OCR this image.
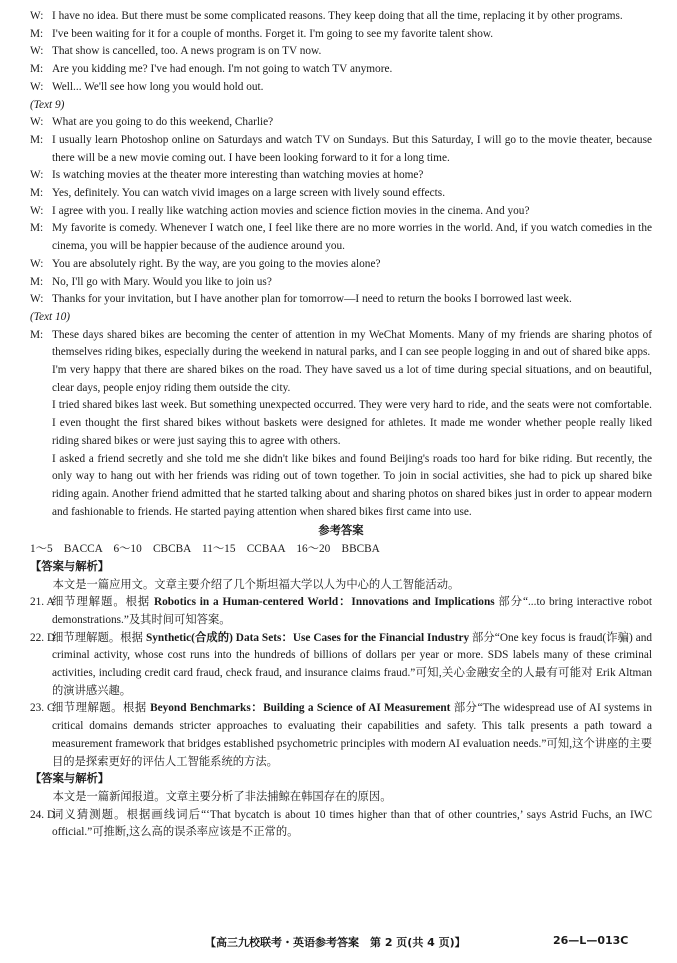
W: I have no idea. But there must be some complicated reasons. They keep doing that all the time, replacing it by other programs.
M: I've been waiting for it for a couple of months. Forget it. I'm going to see my favorite talent show.
W: That show is cancelled, too. A news program is on TV now.
M: Are you kidding me? I've had enough. I'm not going to watch TV anymore.
W: Well... We'll see how long you would hold out.
(Text 9)
W: What are you going to do this weekend, Charlie?
M: I usually learn Photoshop online on Saturdays and watch TV on Sundays. But this Saturday, I will go to the movie theater, because there will be a new movie coming out. I have been looking forward to it for a long time.
W: Is watching movies at the theater more interesting than watching movies at home?
M: Yes, definitely. You can watch vivid images on a large screen with lively sound effects.
W: I agree with you. I really like watching action movies and science fiction movies in the cinema. And you?
M: My favorite is comedy. Whenever I watch one, I feel like there are no more worries in the world. And, if you watch comedies in the cinema, you will be happier because of the audience around you.
W: You are absolutely right. By the way, are you going to the movies alone?
M: No, I'll go with Mary. Would you like to join us?
W: Thanks for your invitation, but I have another plan for tomorrow—I need to return the books I borrowed last week.
(Text 10)
M: These days shared bikes are becoming the center of attention in my WeChat Moments. Many of my friends are sharing photos of themselves riding bikes, especially during the weekend in natural parks, and I can see people logging in and out of shared bike apps.
I'm very happy that there are shared bikes on the road. They have saved us a lot of time during special situations, and on beautiful, clear days, people enjoy riding them outside the city.
I tried shared bikes last week. But something unexpected occurred. They were very hard to ride, and the seats were not comfortable. I even thought the first shared bikes without baskets were designed for athletes. It made me wonder whether people really liked riding shared bikes or were just saying this to agree with others.
I asked a friend secretly and she told me she didn't like bikes and found Beijing's roads too hard for bike riding. But recently, the only way to hang out with her friends was riding out of town together. To join in social activities, she had to pick up shared bike riding again. Another friend admitted that he started talking about and sharing photos on shared bikes just in order to appear modern and fashionable to friends. He started paying attention when shared bikes first came into use.
参考答案
1～5　BACCA　6～10　CBCBA　11～15　CCBAA　16～20　BBCBA
【答案与解析】
本文是一篇应用文。文章主要介绍了几个斯坦福大学以人为中心的人工智能活动。
21. A
细节理解题。根据 Robotics in a Human-centered World：Innovations and Implications 部分“...to bring interactive robot demonstrations.”及其时间可知答案。
22. D
细节理解题。根据 Synthetic(合成的) Data Sets：Use Cases for the Financial Industry 部分“One key focus is fraud(诈骗) and criminal activity, whose cost runs into the hundreds of billions of dollars per year or more. SDS labels many of these criminal activities, including credit card fraud, check fraud, and insurance claims fraud.”可知,关心金融安全的人最有可能对 Erik Altman 的演讲感兴趣。
23. C
细节理解题。根据 Beyond Benchmarks：Building a Science of AI Measurement 部分“The widespread use of AI systems in critical domains demands stricter approaches to evaluating their capabilities and safety. This talk presents a path toward a measurement framework that bridges established psychometric principles with modern AI evaluation needs.”可知,这个讲座的主要目的是探索更好的评估人工智能系统的方法。
【答案与解析】
本文是一篇新闻报道。文章主要分析了非法捕鲸在韩国存在的原因。
24. D
词义猜测题。根据画线词后“‘That bycatch is about 10 times higher than that of other countries,’ says Astrid Fuchs, an IWC official.”可推断,这么高的误杀率应该是不正常的。
【高三九校联考・英语参考答案　第 2 页(共 4 页)】	26—L—013C
